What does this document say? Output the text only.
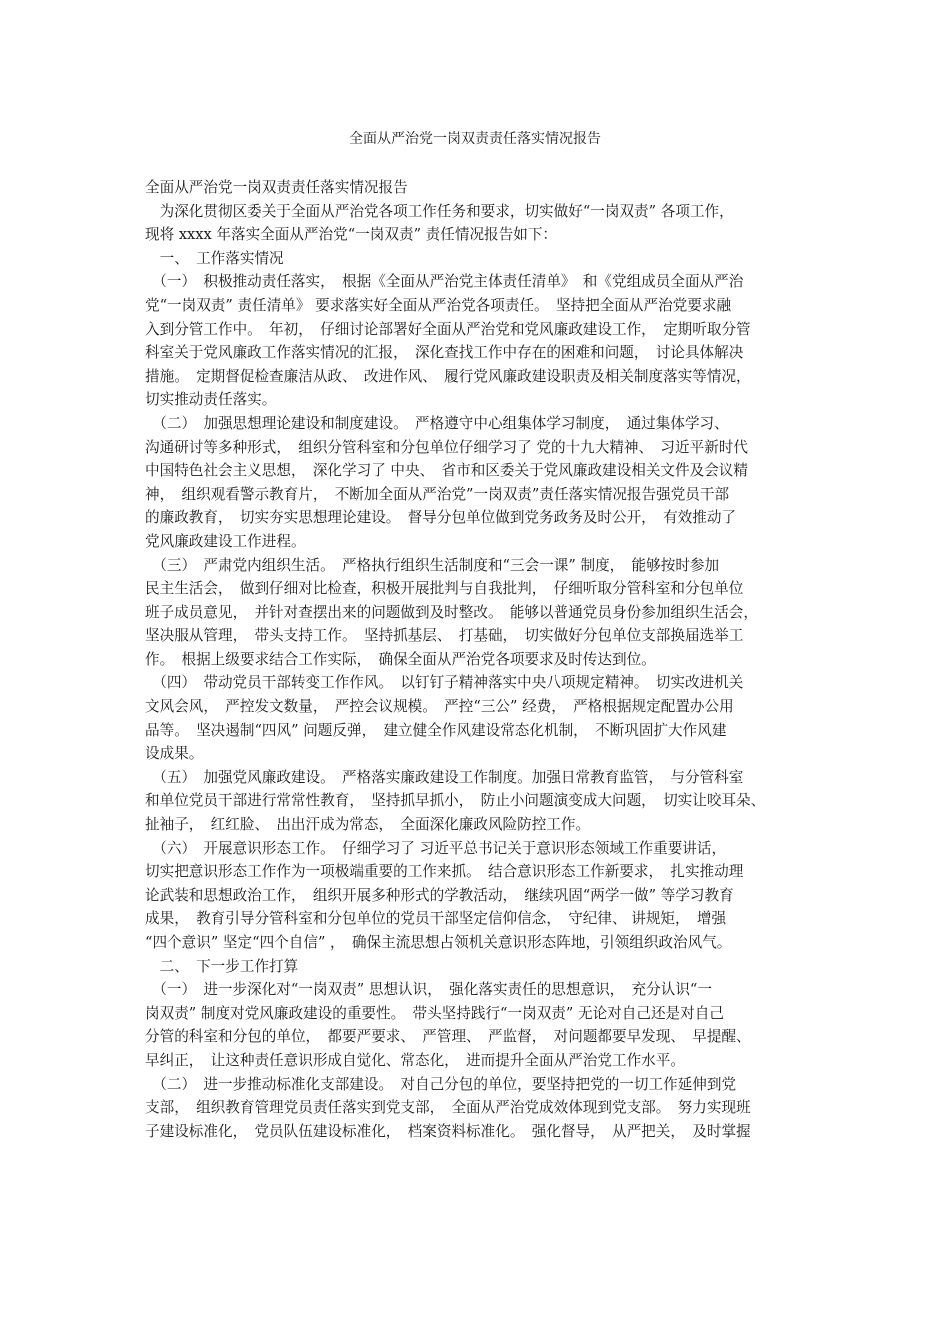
全面从严治党一岗双责责任落实情况报告
全面从严治党一岗双责责任落实情况报告
　为深化贯彻区委关于全面从严治党各项工作任务和要求，切实做好“一岗双责” 各项工作，
现将 xxxx 年落实全面从严治党“一岗双责” 责任情况报告如下：
　一、　工作落实情况
　（一）　积极推动责任落实，　根据《全面从严治党主体责任清单》　和《党组成员全面从严治
党“一岗双责” 责任清单》 要求落实好全面从严治党各项责任。　坚持把全面从严治党要求融
入到分管工作中。　年初，　仔细讨论部署好全面从严治党和党风廉政建设工作，　定期听取分管
科室关于党风廉政工作落实情况的汇报，　深化查找工作中存在的困难和问题，　讨论具体解决
措施。　定期督促检查廉洁从政、　改进作风、　履行党风廉政建设职责及相关制度落实等情况，
切实推动责任落实。
　（二）　加强思想理论建设和制度建设。　严格遵守中心组集体学习制度，　通过集体学习、
沟通研讨等多种形式，　组织分管科室和分包单位仔细学习了 党的十九大精神、　习近平新时代
中国特色社会主义思想，　深化学习了 中央、　省市和区委关于党风廉政建设相关文件及会议精
神，　组织观看警示教育片，　不断加全面从严治党”一岗双责”责任落实情况报告强党员干部
的廉政教育，　切实夯实思想理论建设。　督导分包单位做到党务政务及时公开，　有效推动了
党风廉政建设工作进程。
　（三）　严肃党内组织生活。　严格执行组织生活制度和“三会一课” 制度，　能够按时参加
民主生活会，　做到仔细对比检查，积极开展批判与自我批判，　仔细听取分管科室和分包单位
班子成员意见，　并针对查摆出来的问题做到及时整改。　能够以普通党员身份参加组织生活会，
坚决服从管理，　带头支持工作。　坚持抓基层、　打基础，　切实做好分包单位支部换届选举工
作。　根据上级要求结合工作实际，　确保全面从严治党各项要求及时传达到位。
　（四）　带动党员干部转变工作作风。　以钉钉子精神落实中央八项规定精神。　切实改进机关
文风会风，　严控发文数量，　严控会议规模。　严控“三公” 经费，　严格根据规定配置办公用
品等。　坚决遏制“四风” 问题反弹，　建立健全作风建设常态化机制，　不断巩固扩大作风建
设成果。
　（五）　加强党风廉政建设。　严格落实廉政建设工作制度。加强日常教育监管，　与分管科室
和单位党员干部进行常常性教育，　坚持抓早抓小，　防止小问题演变成大问题，　切实让咬耳朵、
扯袖子，　红红脸、　出出汗成为常态，　全面深化廉政风险防控工作。
　（六）　开展意识形态工作。　仔细学习了 习近平总书记关于意识形态领域工作重要讲话，
切实把意识形态工作作为一项极端重要的工作来抓。　结合意识形态工作新要求，　扎实推动理
论武装和思想政治工作，　组织开展多种形式的学教活动，　继续巩固“两学一做” 等学习教育
成果，　教育引导分管科室和分包单位的党员干部坚定信仰信念，　守纪律、 讲规矩，　增强
“四个意识” 坚定“四个自信” ，　确保主流思想占领机关意识形态阵地，引领组织政治风气。
　二、　下一步工作打算
　（一）　进一步深化对“一岗双责” 思想认识，　强化落实责任的思想意识，　充分认识“一
岗双责” 制度对党风廉政建设的重要性。　带头坚持践行“一岗双责” 无论对自己还是对自己
分管的科室和分包的单位，　都要严要求、　严管理、　严监督，　对问题都要早发现、　早提醒、
早纠正，　让这种责任意识形成自觉化、常态化，　进而提升全面从严治党工作水平。
　（二）　进一步推动标准化支部建设。　对自己分包的单位，要坚持把党的一切工作延伸到党
支部，　组织教育管理党员责任落实到党支部，　全面从严治党成效体现到党支部。　努力实现班
子建设标准化，　党员队伍建设标准化，　档案资料标准化。　强化督导，　从严把关，　及时掌握
